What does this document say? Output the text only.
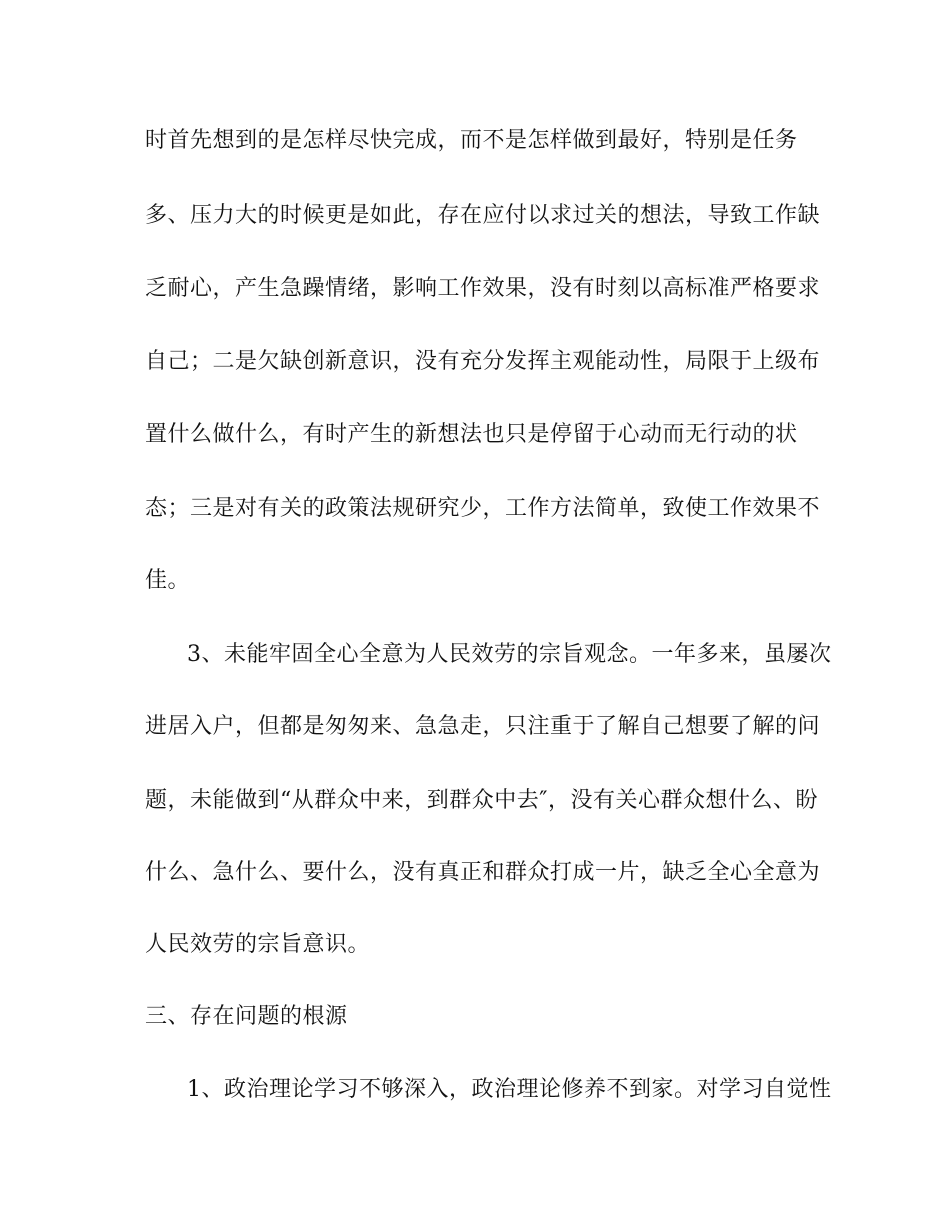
时首先想到的是怎样尽快完成，而不是怎样做到最好，特别是任务
多、压力大的时候更是如此，存在应付以求过关的想法，导致工作缺
乏耐心，产生急躁情绪，影响工作效果，没有时刻以高标准严格要求
自己；二是欠缺创新意识，没有充分发挥主观能动性，局限于上级布
置什么做什么，有时产生的新想法也只是停留于心动而无行动的状
态；三是对有关的政策法规研究少，工作方法简单，致使工作效果不
佳。
3、未能牢固全心全意为人民效劳的宗旨观念。一年多来，虽屡次
进居入户，但都是匆匆来、急急走，只注重于了解自己想要了解的问
题，未能做到“从群众中来，到群众中去″，没有关心群众想什么、盼
什么、急什么、要什么，没有真正和群众打成一片，缺乏全心全意为
人民效劳的宗旨意识。
三、存在问题的根源
1、政治理论学习不够深入，政治理论修养不到家。对学习自觉性
